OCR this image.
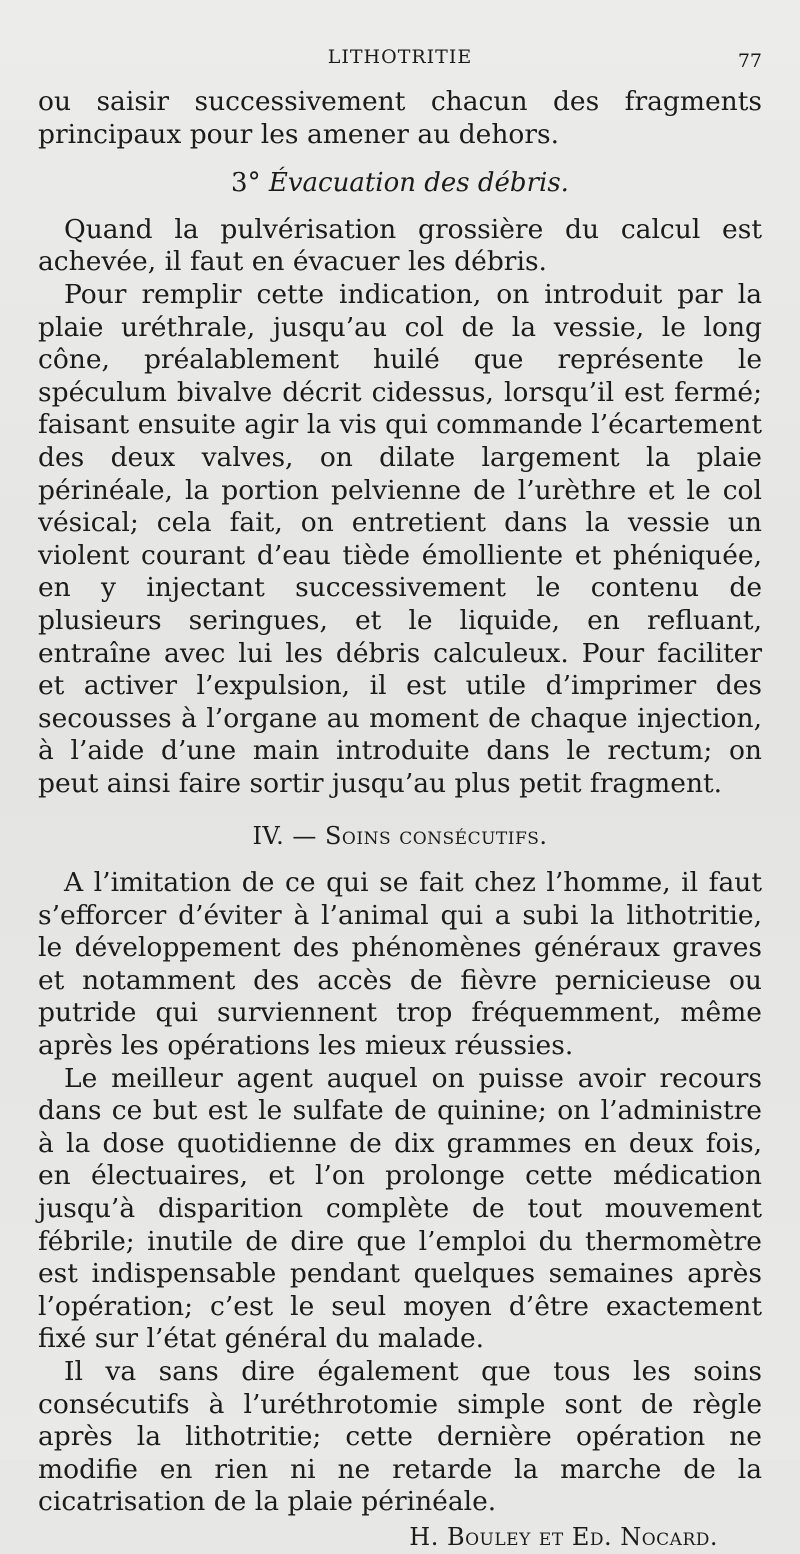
LITHOTRITIE	77

ou saisir successivement chacun des fragments principaux pour les amener au dehors.

3° Évacuation des débris.

Quand la pulvérisation grossière du calcul est achevée, il faut en évacuer les débris.

Pour remplir cette indication, on introduit par la plaie uréthrale, jusqu’au col de la vessie, le long cône, préalablement huilé que représente le spéculum bivalve décrit cidessus, lorsqu’il est fermé; faisant ensuite agir la vis qui commande l’écartement des deux valves, on dilate largement la plaie périnéale, la portion pelvienne de l’urèthre et le col vésical; cela fait, on entretient dans la vessie un violent courant d’eau tiède émolliente et phéniquée, en y injectant successivement le contenu de plusieurs seringues, et le liquide, en refluant, entraîne avec lui les débris calculeux. Pour faciliter et activer l’expulsion, il est utile d’imprimer des secousses à l’organe au moment de chaque injection, à l’aide d’une main introduite dans le rectum; on peut ainsi faire sortir jusqu’au plus petit fragment.

IV. — Soins consécutifs.

A l’imitation de ce qui se fait chez l’homme, il faut s’efforcer d’éviter à l’animal qui a subi la lithotritie, le développement des phénomènes généraux graves et notamment des accès de fièvre pernicieuse ou putride qui surviennent trop fréquemment, même après les opérations les mieux réussies.

Le meilleur agent auquel on puisse avoir recours dans ce but est le sulfate de quinine; on l’administre à la dose quotidienne de dix grammes en deux fois, en électuaires, et l’on prolonge cette médication jusqu’à disparition complète de tout mouvement fébrile; inutile de dire que l’emploi du thermomètre est indispensable pendant quelques semaines après l’opération; c’est le seul moyen d’être exactement fixé sur l’état général du malade.

Il va sans dire également que tous les soins consécutifs à l’uréthrotomie simple sont de règle après la lithotritie; cette dernière opération ne modifie en rien ni ne retarde la marche de la cicatrisation de la plaie périnéale.

H. Bouley et Ed. Nocard.
